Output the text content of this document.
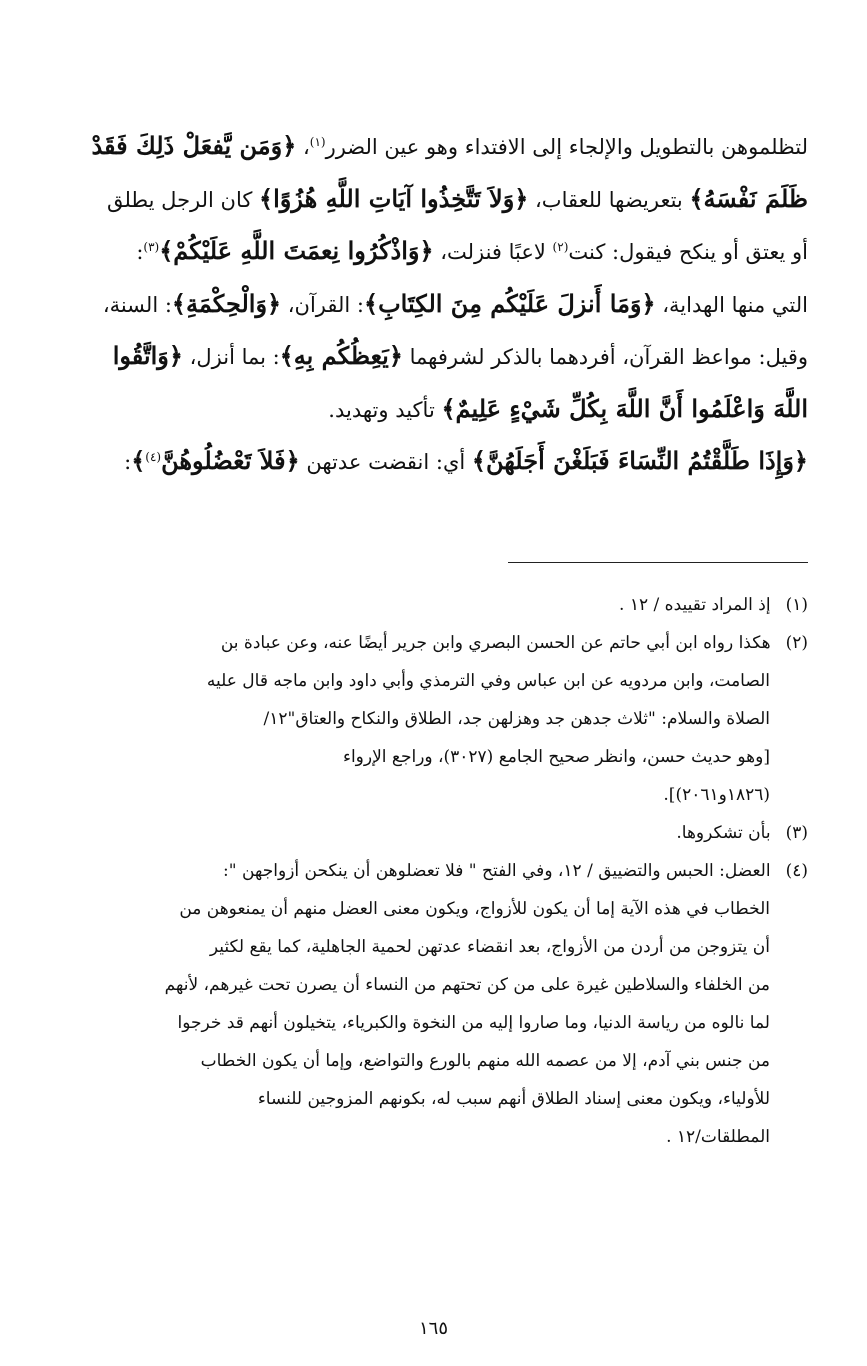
لتظلموهن بالتطويل والإلجاء إلى الافتداء وهو عين الضرر$^{(١)}$، ﴿وَمَن يَّفعَلْ ذَلِكَ فَقَدْ
ظَلَمَ نَفْسَهُ﴾ بتعريضها للعقاب، ﴿وَلاَ تَتَّخِذُوا آيَاتِ اللَّهِ هُزُوًا﴾ كان الرجل يطلق
أو يعتق أو ينكح فيقول: كنت$^{(٢)}$ لاعبًا فنزلت، ﴿وَاذْكُرُوا نِعمَتَ اللَّهِ عَلَيْكُمْ﴾$^{(٣)}$:
التي منها الهداية، ﴿وَمَا أَنزلَ عَلَيْكُم مِنَ الكِتَابِ﴾: القرآن، ﴿وَالْحِكْمَةِ﴾: السنة،
وقيل: مواعظ القرآن، أفردهما بالذكر لشرفهما ﴿يَعِظُكُم بِهِ﴾: بما أنزل، ﴿وَاتَّقُوا
اللَّهَ وَاعْلَمُوا أَنَّ اللَّهَ بِكُلِّ شَيْءٍ عَلِيمٌ﴾ تأكيد وتهديد.
﴿وَإِذَا طَلَّقْتُمُ النِّسَاءَ فَبَلَغْنَ أَجَلَهُنَّ﴾ أي: انقضت عدتهن ﴿فَلاَ تَعْضُلُوهُنَّ$^{(٤)}$﴾:
(١) إذ المراد تقييده / ١٢ .
(٢) هكذا رواه ابن أبي حاتم عن الحسن البصري وابن جرير أيضًا عنه، وعن عبادة بن
الصامت، وابن مردويه عن ابن عباس وفي الترمذي وأبي داود وابن ماجه قال عليه
الصلاة والسلام: "ثلاث جدهن جد وهزلهن جد، الطلاق والنكاح والعتاق"١٢/
[وهو حديث حسن، وانظر صحيح الجامع (٣٠٢٧)، وراجع الإرواء
(١٨٢٦و٢٠٦١)].
(٣) بأن تشكروها.
(٤) العضل: الحبس والتضييق / ١٢، وفي الفتح " فلا تعضلوهن أن ينكحن أزواجهن ":
الخطاب في هذه الآية إما أن يكون للأزواج، ويكون معنى العضل منهم أن يمنعوهن من
أن يتزوجن من أردن من الأزواج، بعد انقضاء عدتهن لحمية الجاهلية، كما يقع لكثير
من الخلفاء والسلاطين غيرة على من كن تحتهم من النساء أن يصرن تحت غيرهم، لأنهم
لما نالوه من رياسة الدنيا، وما صاروا إليه من النخوة والكبرياء، يتخيلون أنهم قد خرجوا
من جنس بني آدم، إلا من عصمه الله منهم بالورع والتواضع، وإما أن يكون الخطاب
للأولياء، ويكون معنى إسناد الطلاق أنهم سبب له، بكونهم المزوجين للنساء
المطلقات/١٢ .
١٦٥
